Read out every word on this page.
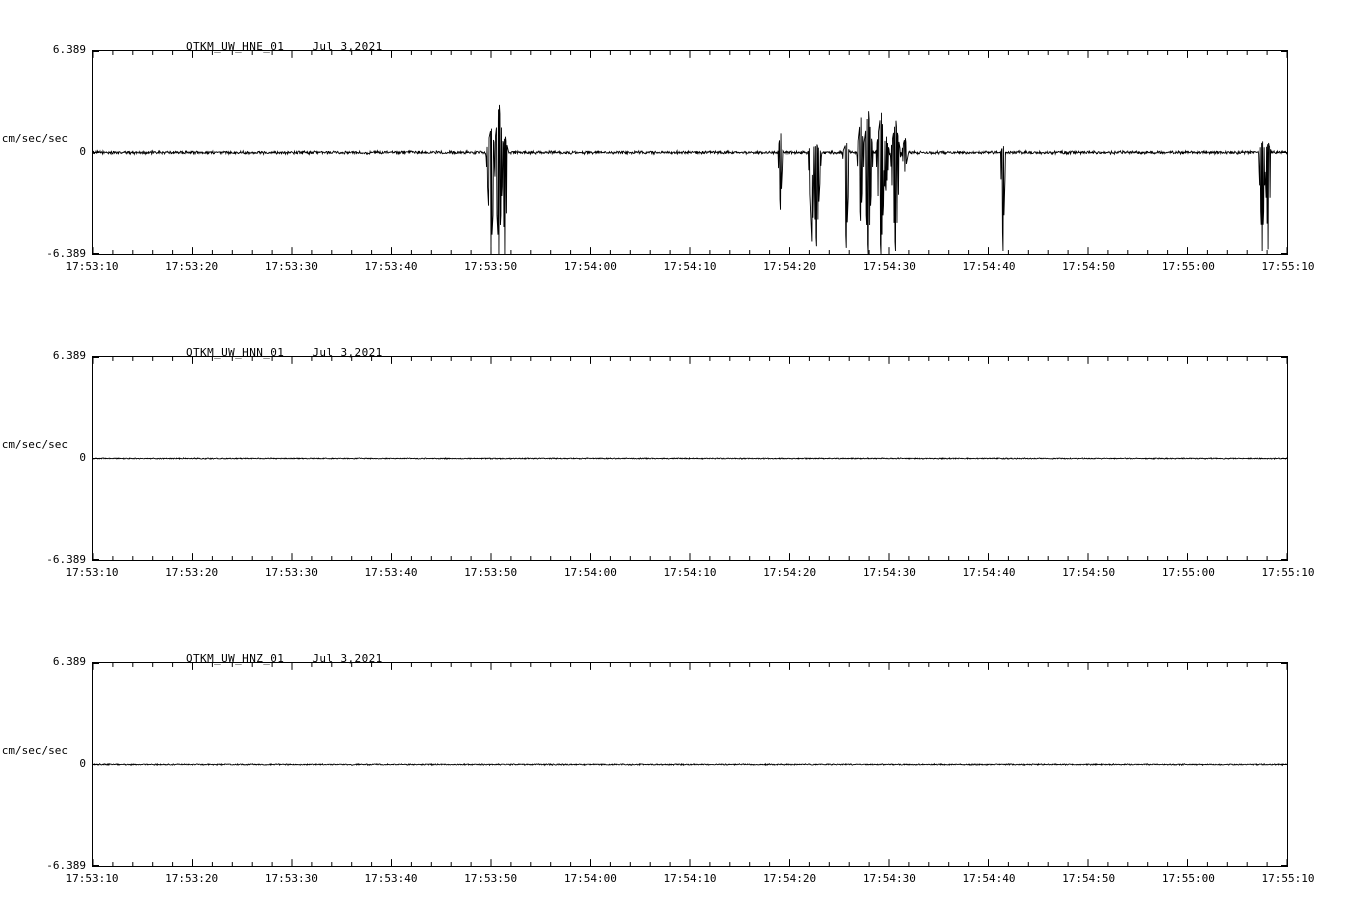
QTKM_UW_HNE_01    Jul 3,2021
6.389
cm/sec/sec
0
-6.389
17:53:10	17:53:20	17:53:30	17:53:40	17:53:50	17:54:00	17:54:10	17:54:20	17:54:30	17:54:40	17:54:50	17:55:00	17:55:10
QTKM_UW_HNN_01    Jul 3,2021
6.389
cm/sec/sec
0
-6.389
17:53:10	17:53:20	17:53:30	17:53:40	17:53:50	17:54:00	17:54:10	17:54:20	17:54:30	17:54:40	17:54:50	17:55:00	17:55:10
QTKM_UW_HNZ_01    Jul 3,2021
6.389
cm/sec/sec
0
-6.389
17:53:10	17:53:20	17:53:30	17:53:40	17:53:50	17:54:00	17:54:10	17:54:20	17:54:30	17:54:40	17:54:50	17:55:00	17:55:10
